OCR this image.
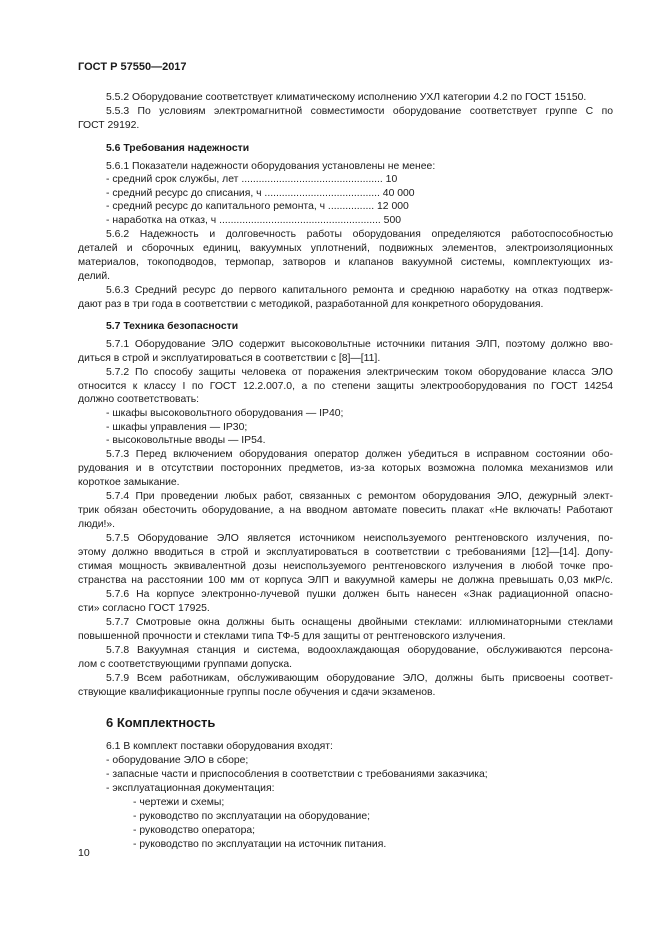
ГОСТ Р 57550—2017
5.5.2 Оборудование соответствует климатическому исполнению УХЛ категории 4.2 по ГОСТ 15150.
5.5.3 По условиям электромагнитной совместимости оборудование соответствует группе С по
ГОСТ 29192.
5.6 Требования надежности
5.6.1 Показатели надежности оборудования установлены не менее:
- средний срок службы, лет ................................................. 10
- средний ресурс до списания, ч ........................................ 40 000
- средний ресурс до капитального ремонта, ч ................ 12 000
- наработка на отказ, ч ........................................................ 500
5.6.2 Надежность и долговечность работы оборудования определяются работоспособностью
деталей и сборочных единиц, вакуумных уплотнений, подвижных элементов, электроизоляционных
материалов, токоподводов, термопар, затворов и клапанов вакуумной системы, комплектующих из-
делий.
5.6.3 Средний ресурс до первого капитального ремонта и среднюю наработку на отказ подтверж-
дают раз в три года в соответствии с методикой, разработанной для конкретного оборудования.
5.7 Техника безопасности
5.7.1 Оборудование ЭЛО содержит высоковольтные источники питания ЭЛП, поэтому должно вво-
диться в строй и эксплуатироваться в соответствии с [8]—[11].
5.7.2 По способу защиты человека от поражения электрическим током оборудование класса ЭЛО
относится к классу I по ГОСТ 12.2.007.0, а по степени защиты электрооборудования по ГОСТ 14254
должно соответствовать:
- шкафы высоковольтного оборудования — IP40;
- шкафы управления — IP30;
- высоковольтные вводы — IP54.
5.7.3 Перед включением оборудования оператор должен убедиться в исправном состоянии обо-
рудования и в отсутствии посторонних предметов, из-за которых возможна поломка механизмов или
короткое замыкание.
5.7.4 При проведении любых работ, связанных с ремонтом оборудования ЭЛО, дежурный элект-
трик обязан обесточить оборудование, а на вводном автомате повесить плакат «Не включать! Работают
люди!».
5.7.5 Оборудование ЭЛО является источником неиспользуемого рентгеновского излучения, по-
этому должно вводиться в строй и эксплуатироваться в соответствии с требованиями [12]—[14]. Допу-
стимая мощность эквивалентной дозы неиспользуемого рентгеновского излучения в любой точке про-
странства на расстоянии 100 мм от корпуса ЭЛП и вакуумной камеры не должна превышать 0,03 мкР/с.
5.7.6 На корпусе электронно-лучевой пушки должен быть нанесен «Знак радиационной опасно-
сти» согласно ГОСТ 17925.
5.7.7 Смотровые окна должны быть оснащены двойными стеклами: иллюминаторными стеклами
повышенной прочности и стеклами типа ТФ-5 для защиты от рентгеновского излучения.
5.7.8 Вакуумная станция и система, водоохлаждающая оборудование, обслуживаются персона-
лом с соответствующими группами допуска.
5.7.9 Всем работникам, обслуживающим оборудование ЭЛО, должны быть присвоены соответ-
ствующие квалификационные группы после обучения и сдачи экзаменов.
6 Комплектность
6.1 В комплект поставки оборудования входят:
- оборудование ЭЛО в сборе;
- запасные части и приспособления в соответствии с требованиями заказчика;
- эксплуатационная документация:
- чертежи и схемы;
- руководство по эксплуатации на оборудование;
- руководство оператора;
- руководство по эксплуатации на источник питания.
10
